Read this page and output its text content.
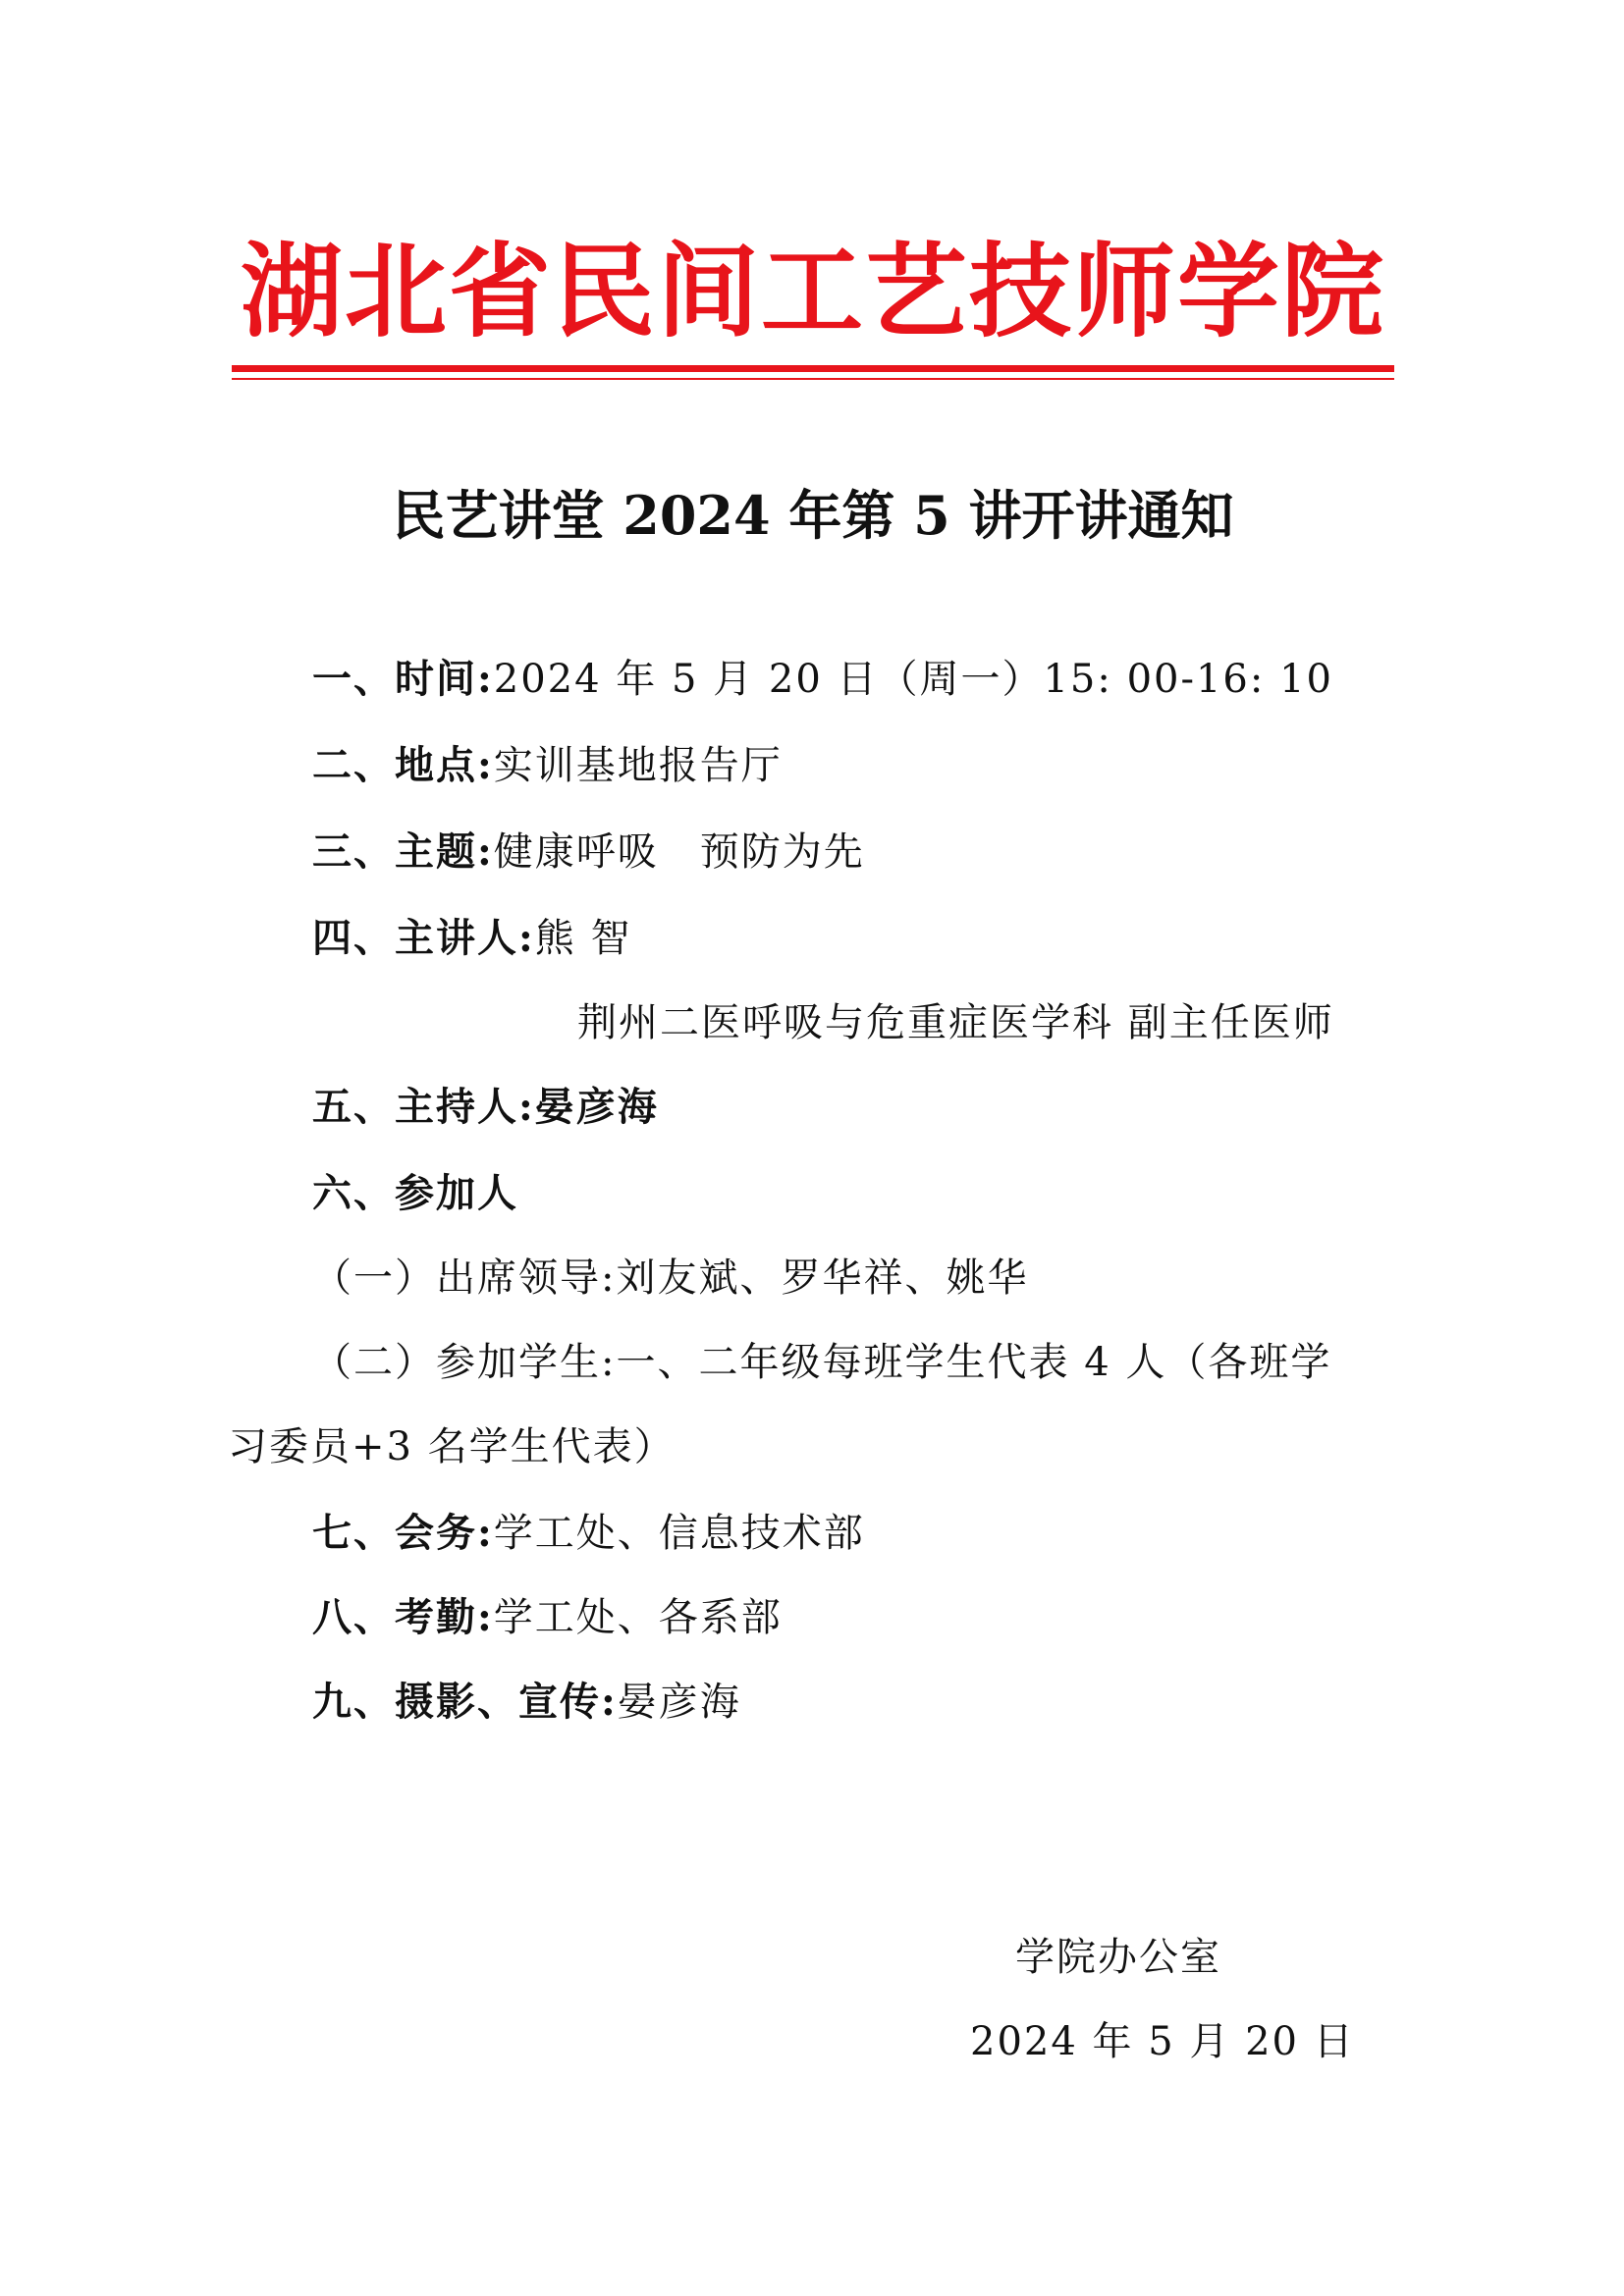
湖北省民间工艺技师学院
民艺讲堂 2024 年第 5 讲开讲通知
一、时间:2024 年 5 月 20 日（周一）15: 00-16: 10
二、地点:实训基地报告厅
三、主题:健康呼吸　预防为先
四、主讲人:熊 智
荆州二医呼吸与危重症医学科 副主任医师
五、主持人:晏彦海
六、参加人
（一）出席领导:刘友斌、罗华祥、姚华
（二）参加学生:一、二年级每班学生代表 4 人（各班学
习委员+3 名学生代表）
七、会务:学工处、信息技术部
八、考勤:学工处、各系部
九、摄影、宣传:晏彦海
学院办公室
2024 年 5 月 20 日
